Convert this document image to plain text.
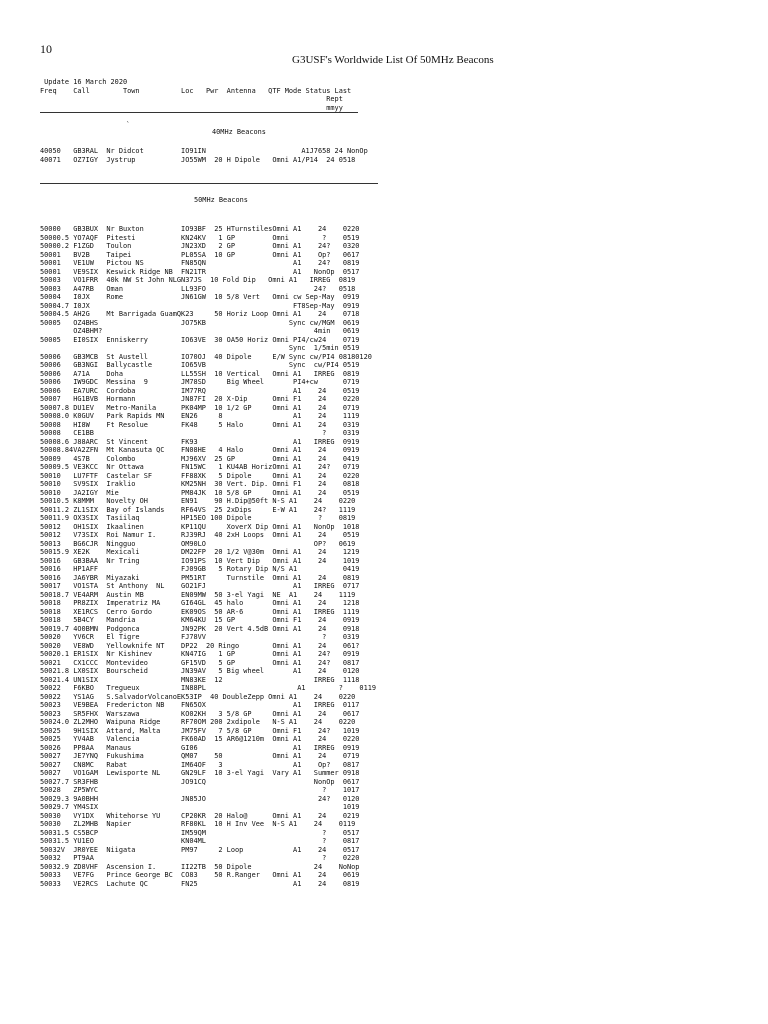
10
G3USF's Worldwide List Of 50MHz Beacons
Update 16 March 2020
Freq    Call        Town          Loc   Pwr  Antenna   QTF Mode Status Last
Rept
mmyy
`
40MHz Beacons
40050   GB3RAL  Nr Didcot         IO91IN                       A1J7658 24 NonOp
40071   OZ7IGY  Jystrup           JO55WM  20 H Dipole   Omni A1/P14  24 0518
50MHz Beacons
50000   GB3BUX  Nr Buxton         IO93BF  25 HTurnstilesOmni A1    24    0220
50000.5 YO7AQF  Pitesti           KN24KV   1 GP         Omni        ?    0519
50000.2 F1ZGD   Toulon            JN23XD   2 GP         Omni A1    24?   0320
50001   BV2B    Taipei            PL05SA  10 GP         Omni A1    Op?   0617
50001   VE1UW   Pictou NS         FN85QN                     A1    24?   0819
50001   VE9SIX  Keswick Ridge NB  FN21TR                     A1   NonOp  0517
50003   VO1FRR  40k NW St John NLGN37JS  10 Fold Dip   Omni A1   IRREG  0819
50003   A47RB   Oman              LL93FO                          24?   0518
50004   I0JX    Rome              JN61GW  10 5/8 Vert   Omni cw Sep-May  0919
50004.7 I0JX                                                 FT8Sep-May  0919
50004.5 AH2G    Mt Barrigada GuamQK23     50 Horiz Loop Omni A1    24    0718
50005   OZ4BHS                    JO75KB                    Sync cw/MGM  0619
OZ4BHM?                                                   4min   0619
50005   EI0SIX  Enniskerry        IO63VE  30 OA50 Horiz Omni PI4/cw24    0719
Sync  1/5min 0519
50006   GB3MCB  St Austell        IO70OJ  40 Dipole     E/W Sync cw/PI4 08180120
50006   GB3NGI  Ballycastle       IO65VB                    Sync  cw/PI4 0519
50006   A71A    Doha              LL55SH  10 Vertical   Omni A1   IRREG  0819
50006   IW9GDC  Messina  9        JM78SD     Big Wheel       PI4+cw      0719
50006   EA7URC  Cordoba           IM77RQ                     A1    24    0519
50007   HG1BVB  Hormann           JN87FI  20 X-Dip      Omni F1    24    0220
50007.8 DU1EV   Metro-Manila      PK04MP  10 1/2 GP     Omni A1    24    0719
50008.0 K0GUV   Park Rapids MN    EN26     8                 A1    24    1119
50008   HI8W    Ft Resolue        FK48     5 Halo       Omni A1    24    0319
50008   CE1BB                                                       ?    0319
50008.6 J88ARC  St Vincent        FK93                       A1   IRREG  0919
50008.84VA2ZFN  Mt Kanasuta QC    FN08HE   4 Halo       Omni A1    24    0919
50009   4S7B    Colombo           MJ96XV  25 GP         Omni A1    24    0419
50009.5 VE3KCC  Nr Ottawa         FN15WC   1 KU4AB HorizOmni A1    24?   0719
50010   LU7FTF  Castelar SF       FF88XK   5 Dipole     Omni A1    24    0220
50010   SV9SIX  Iraklio           KM25NH  30 Vert. Dip. Omni F1    24    0818
50010   JA2IGY  Mie               PM84JK  10 5/8 GP     Omni A1    24    0519
50010.5 K8MMM   Novelty OH        EN91    90 H.Dip@50ft N-S A1    24    0220
50011.2 ZL1SIX  Bay of Islands    RF64VS  25 2xDips     E-W A1    24?   1119
50011.9 OX3SIX  Tasiilaq          HP15EO 100 Dipole                ?    0819
50012   OH1SIX  Ikaalinen         KP11QU     XoverX Dip Omni A1   NonOp  1018
50012   V73SIX  Roi Namur I.      RJ39RJ  40 2xH Loops  Omni A1    24    0519
50013   BG6CJR  Ningguo           OM90LO                          OP?   0619
50015.9 XE2K    Mexicali          DM22FP  20 1/2 V@30m  Omni A1    24    1219
50016   GB3BAA  Nr Tring          IO91PS  10 Vert Dip   Omni A1    24    1019
50016   HP1AFF                    FJ09GB   5 Rotary Dip N/S A1           0419
50016   JA6YBR  Miyazaki          PM51RT     Turnstile  Omni A1    24    0819
50017   VO1STA  St Anthony  NL    GO21FJ                     A1   IRREG  0717
50018.7 VE4ARM  Austin MB         EN09MW  50 3-el Yagi  NE  A1    24    1119
50018   PR8ZIX  Imperatriz MA     GI64GL  45 halo       Omni A1    24    1218
50018   XE1RCS  Cerro Gordo       EK09OS  50 AR-6       Omni A1   IRREG  1119
50018   5B4CY   Mandria           KM64KU  15 GP         Omni F1    24    0919
50019.7 4O0BMN  Podgonca          JN92PK  20 Vert 4.5dB Omni A1    24    0918
50020   YV6CR   El Tigre          FJ78VV                            ?    0319
50020   VE8WD   Yellowknife NT    DP22  20 Ringo        Omni A1    24    061?
50020.1 ER1SIX  Nr Kishinev       KN47IG   1 GP         Omni A1    24?   0919
50021   CX1CCC  Montevideo        GF15VD   5 GP         Omni A1    24?   0817
50021.8 LX0SIX  Bourscheid        JN39AV   5 Big wheel       A1    24    0120
50021.4 UN1SIX                    MN83KE  12                      IRREG  1118
50022   F6KBO   Tregueux          IN88PL                      A1        ?    0119
50022   YS1AG   S.SalvadorVolcanoEK53IP  40 DoubleZepp Omni A1    24    0220
50023   VE9BEA  Fredericton NB    FN65OX                     A1   IRREG  0117
50023   SR5FHX  Warszawa          KO02KH   3 5/8 GP     Omni A1    24    0617
50024.0 ZL2MHO  Waipuna Ridge     RF70OM 200 2xdipole   N-S A1    24    0220
50025   9H1SIX  Attard, Malta     JM75FV   7 5/8 GP     Omni F1    24?   1019
50025   YV4AB   Valencia          FK60AD  15 AR6@1210m  Omni A1    24    0220
50026   PP8AA   Manaus            GI06                       A1   IRREG  0919
50027   JE7YNQ  Fukushima         QM07    50            Omni A1    24    0719
50027   CN8MC   Rabat             IM64OF   3                 A1    Op?   0817
50027   VO1GAM  Lewisporte NL     GN29LF  10 3-el Yagi  Vary A1   Summer 0918
50027.7 SR3FHB                    JO91CQ                          NonOp  0617
50028   ZP5WYC                                                      ?    1017
50029.3 9A0BHH                    JN85JO                           24?   0120
50029.7 YM4SIX                                                           1019
50030   VY1DX   Whitehorse YU     CP20KR  20 Halo@      Omni A1    24    0219
50030   ZL2MHB  Napier            RF80KL  10 H Inv Vee  N-S A1    24    0119
50031.5 CS5BCP                    IM59QM                            ?    0517
50031.5 YU1EO                     KN04ML                            ?    0817
50032V  JR0YEE  Niigata           PM97     2 Loop            A1    24    0517
50032   PT9AA                                                       ?    0220
50032.9 ZD8VHF  Ascension I.      II22TB  50 Dipole               24    NoNop
50033   VE7FG   Prince George BC  CO83    50 R.Ranger   Omni A1    24    0619
50033   VE2RCS  Lachute QC        FN25                       A1    24    0819
